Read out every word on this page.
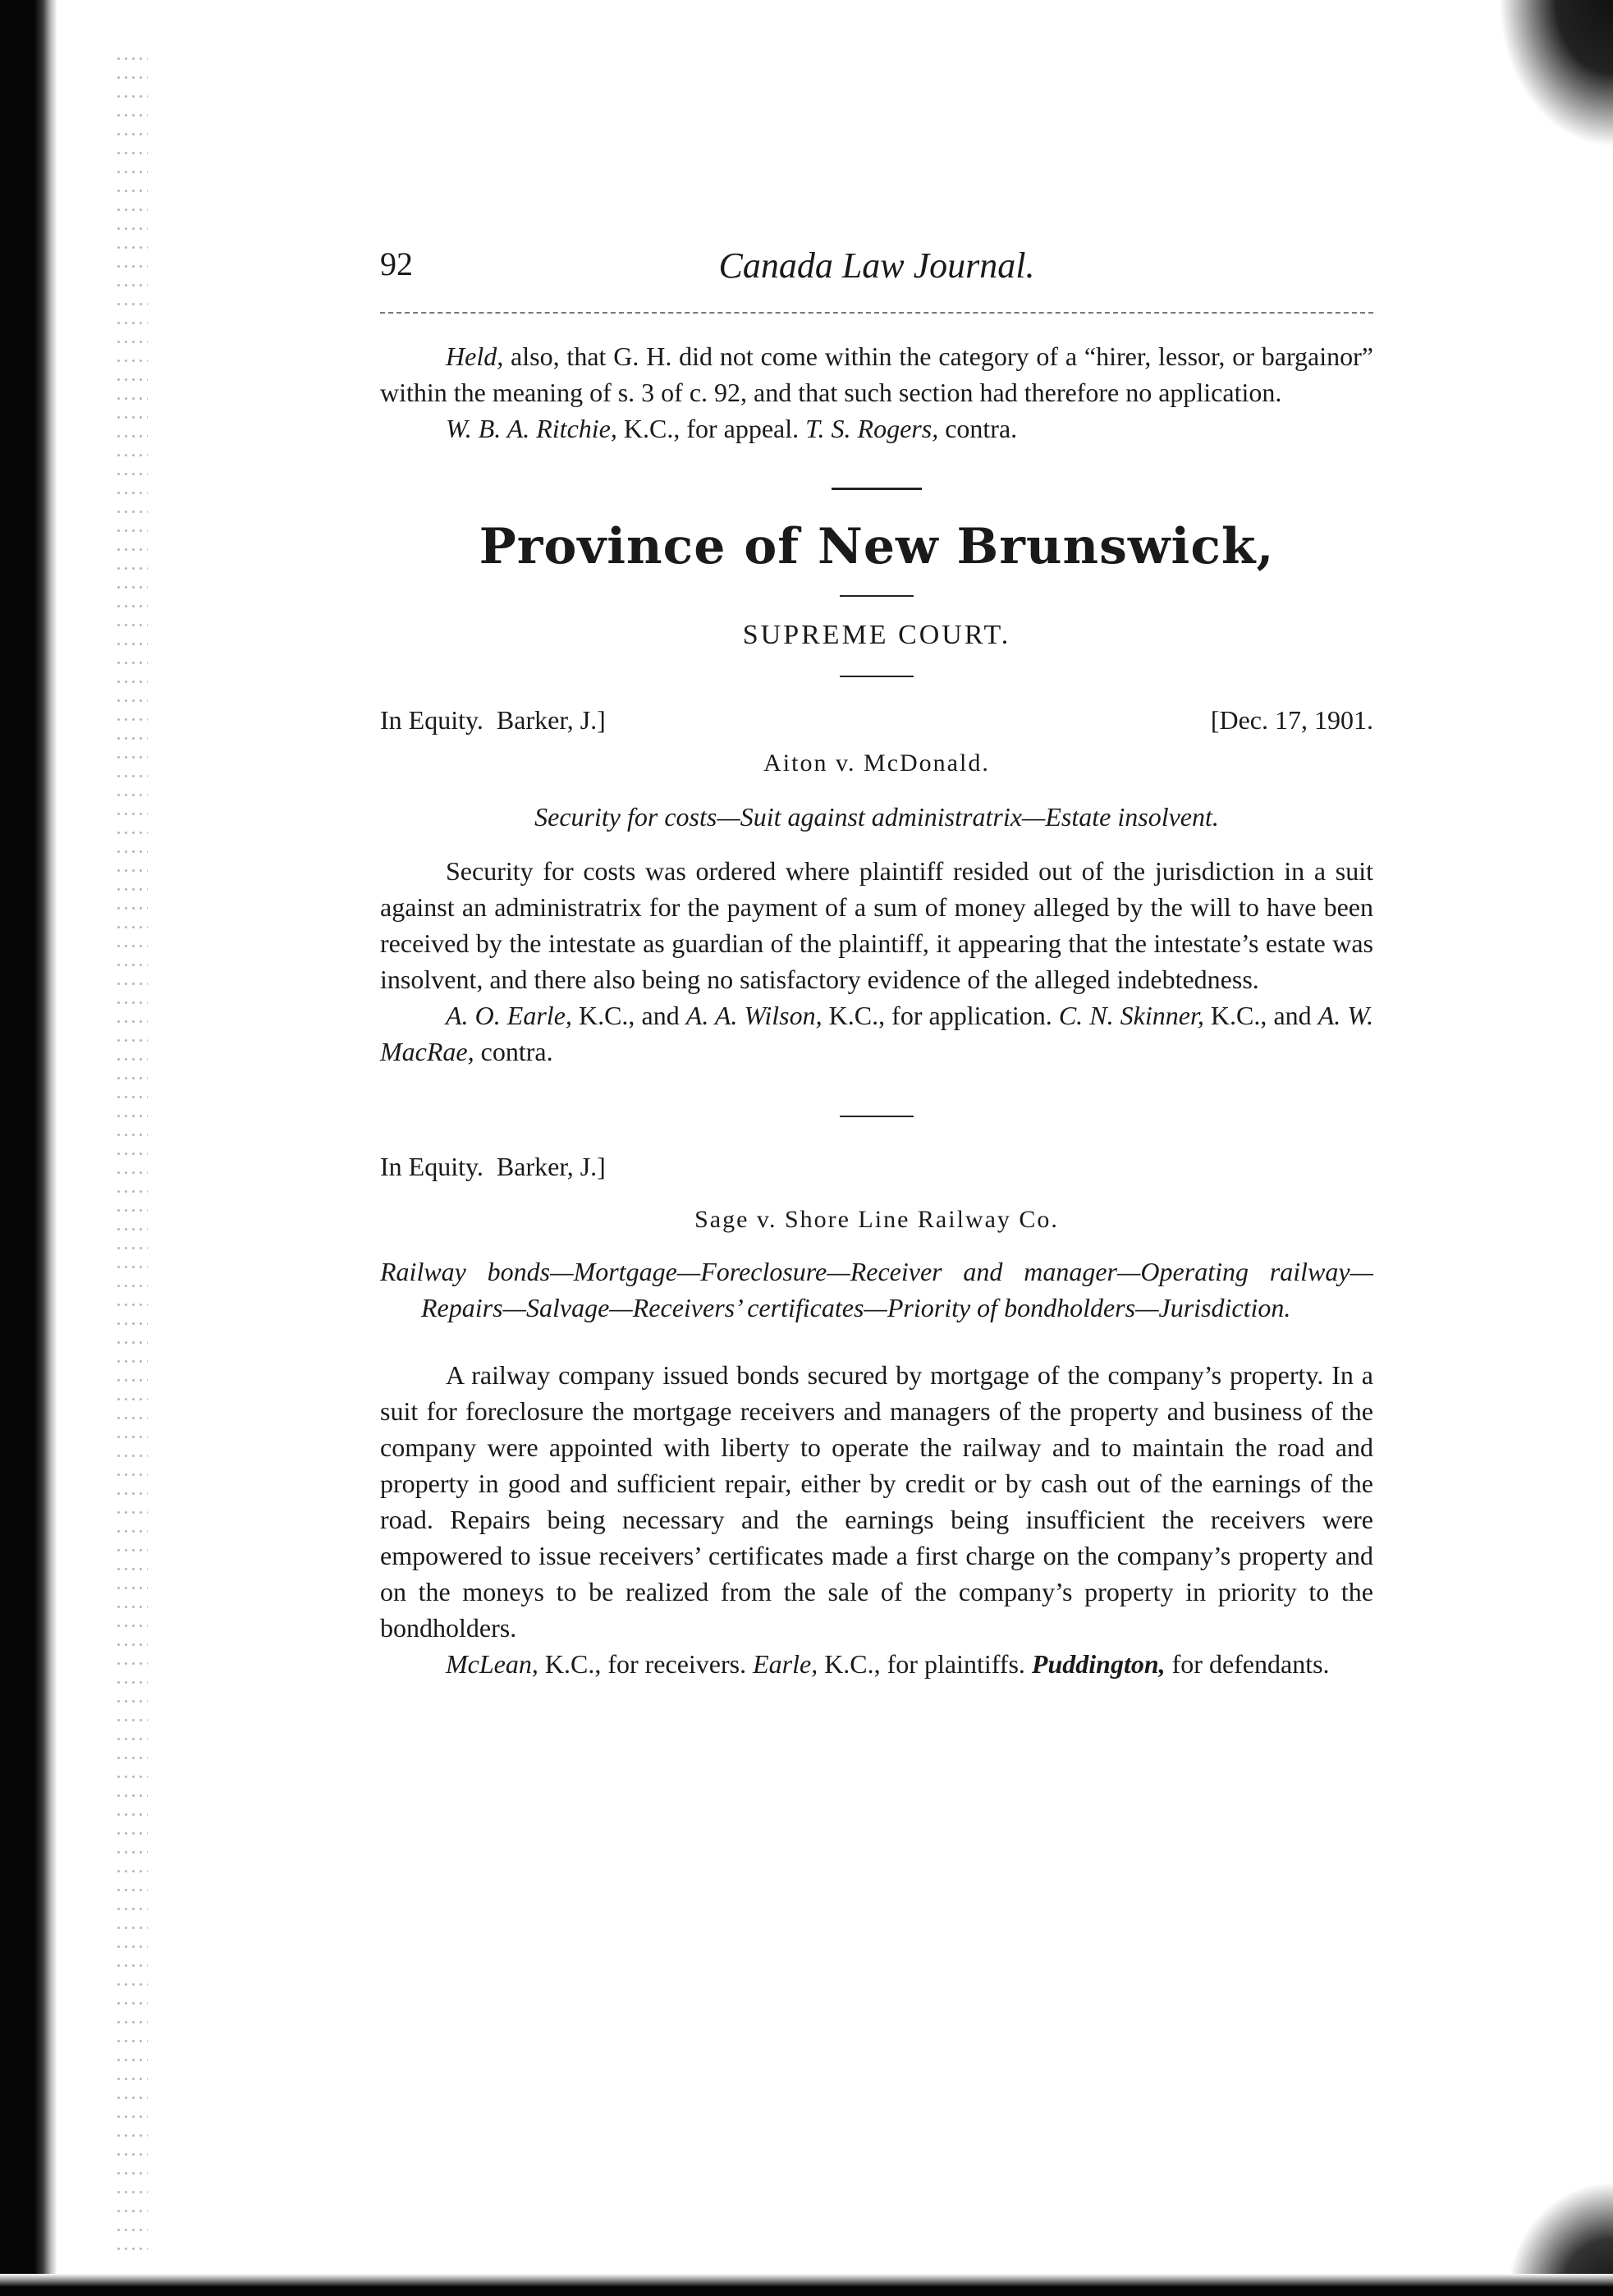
92	Canada Law Journal.

Held, also, that G. H. did not come within the category of a “hirer, lessor, or bargainor” within the meaning of s. 3 of c. 92, and that such section had therefore no application.

W. B. A. Ritchie, K.C., for appeal. T. S. Rogers, contra.

Province of New Brunswick,

SUPREME COURT.

In Equity. Barker, J.]	[Dec. 17, 1901.

Aiton v. McDonald.

Security for costs—Suit against administratrix—Estate insolvent.

Security for costs was ordered where plaintiff resided out of the jurisdiction in a suit against an administratrix for the payment of a sum of money alleged by the will to have been received by the intestate as guardian of the plaintiff, it appearing that the intestate’s estate was insolvent, and there also being no satisfactory evidence of the alleged indebtedness.

A. O. Earle, K.C., and A. A. Wilson, K.C., for application. C. N. Skinner, K.C., and A. W. MacRae, contra.

In Equity. Barker, J.]

Sage v. Shore Line Railway Co.

Railway bonds—Mortgage—Foreclosure—Receiver and manager—Operating railway—Repairs—Salvage—Receivers’ certificates—Priority of bondholders—Jurisdiction.

A railway company issued bonds secured by mortgage of the company’s property. In a suit for foreclosure the mortgage receivers and managers of the property and business of the company were appointed with liberty to operate the railway and to maintain the road and property in good and sufficient repair, either by credit or by cash out of the earnings of the road. Repairs being necessary and the earnings being insufficient the receivers were empowered to issue receivers’ certificates made a first charge on the company’s property and on the moneys to be realized from the sale of the company’s property in priority to the bondholders.

McLean, K.C., for receivers. Earle, K.C., for plaintiffs. Puddington, for defendants.
